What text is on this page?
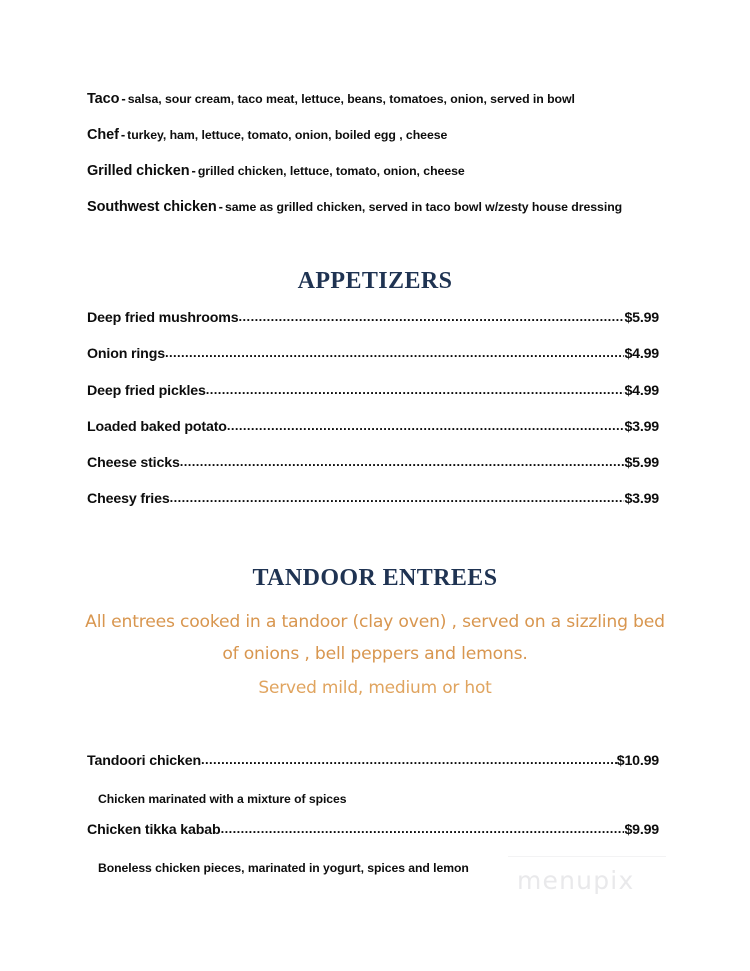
Taco - salsa, sour cream, taco meat, lettuce, beans, tomatoes, onion, served in bowl
Chef - turkey, ham, lettuce, tomato, onion, boiled egg , cheese
Grilled chicken - grilled chicken, lettuce, tomato, onion, cheese
Southwest chicken - same as grilled chicken, served in taco bowl w/zesty house dressing
APPETIZERS
Deep fried mushrooms .....	$5.99
Onion rings .....	$4.99
Deep fried pickles .....	$4.99
Loaded baked potato .....	$3.99
Cheese sticks .....	$5.99
Cheesy fries .....	$3.99
TANDOOR ENTREES
All entrees cooked in a tandoor (clay oven) , served on a sizzling bed of onions , bell peppers and lemons.
Served mild, medium or hot
Tandoori chicken .....	$10.99
Chicken marinated with a mixture of spices
Chicken tikka kabab .....	$9.99
Boneless chicken pieces, marinated in yogurt, spices and lemon	menupix
